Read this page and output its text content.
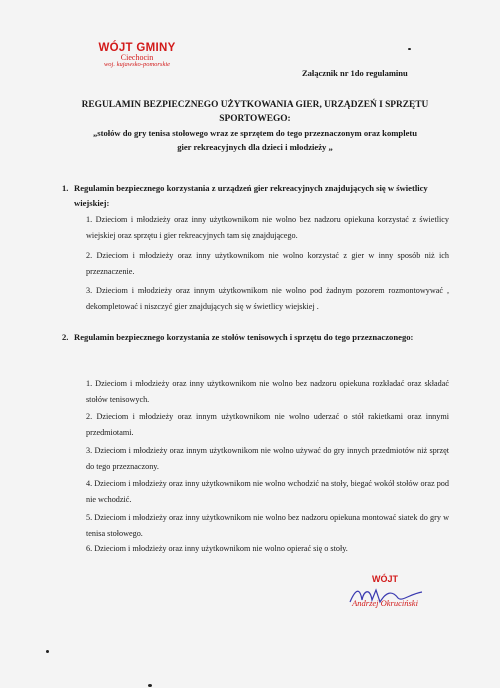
WÓJT GMINY
Ciechocin
woj. kujawsko-pomorskie
Załącznik nr 1do regulaminu
REGULAMIN BEZPIECZNEGO UŻYTKOWANIA GIER, URZĄDZEŃ I SPRZĘTU
SPORTOWEGO:
„stołów do gry tenisa stołowego wraz ze sprzętem do tego przeznaczonym oraz kompletu
gier rekreacyjnych dla dzieci i młodzieży „
1. Regulamin bezpiecznego korzystania z urządzeń gier rekreacyjnych znajdujących się w świetlicy wiejskiej:
1. Dzieciom i młodzieży oraz inny użytkownikom nie wolno bez nadzoru opiekuna korzystać z świetlicy wiejskiej oraz sprzętu i gier rekreacyjnych tam się znajdującego.
2. Dzieciom i młodzieży oraz inny użytkownikom nie wolno korzystać z gier w inny sposób niż ich przeznaczenie.
3. Dzieciom i młodzieży oraz innym użytkownikom nie wolno pod żadnym pozorem rozmontowywać , dekompletować i niszczyć gier znajdujących się w świetlicy wiejskiej .
2. Regulamin bezpiecznego korzystania ze stołów tenisowych i sprzętu do tego przeznaczonego:
1. Dzieciom i młodzieży oraz inny użytkownikom nie wolno bez nadzoru opiekuna rozkładać oraz składać stołów tenisowych.
2. Dzieciom i młodzieży oraz innym użytkownikom nie wolno uderzać o stół rakietkami oraz innymi przedmiotami.
3. Dzieciom i młodzieży oraz innym użytkownikom nie wolno używać do gry innych przedmiotów niż sprzęt do tego przeznaczony.
4. Dzieciom i młodzieży oraz inny użytkownikom nie wolno wchodzić na stoły, biegać wokół stołów oraz pod nie wchodzić.
5. Dzieciom i młodzieży oraz inny użytkownikom nie wolno bez nadzoru opiekuna montować siatek do gry w tenisa stołowego.
6. Dzieciom i młodzieży oraz inny użytkownikom nie wolno opierać się o stoły.
WÓJT
Andrzej Okruciński
